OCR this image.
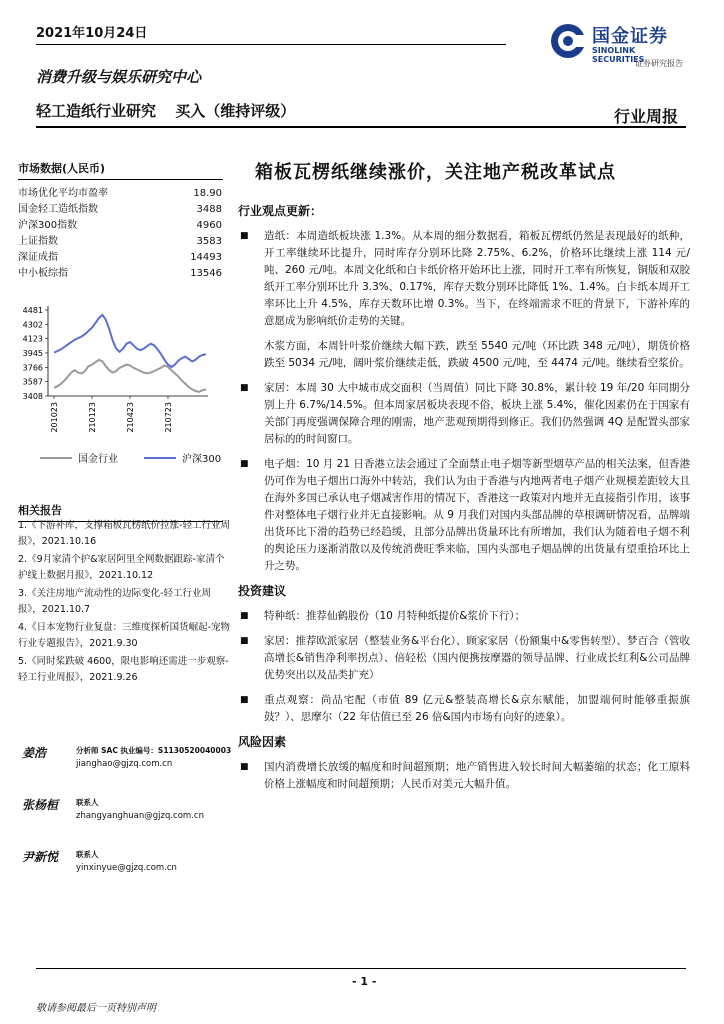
2021年10月24日	国金证券
SINOLINK SECURITIES
证券研究报告
消费升级与娱乐研究中心
轻工造纸行业研究 买入（维持评级）	行业周报
箱板瓦楞纸继续涨价，关注地产税改革试点
市场数据(人民币)
市场优化平均市盈率	18.90
国金轻工造纸指数	3488
沪深300指数	4960
上证指数	3583
深证成指	14493
中小板综指	13546
4481
4302
4123
3945
3766
3587
3408
201023	210123	210423	210723
国金行业	沪深300
相关报告
1.《下游补库，支撑箱板瓦楞纸价拉涨-轻工行业周报》，2021.10.16
2.《9月家清个护&家居阿里全网数据跟踪-家清个护线上数据月报》，2021.10.12
3.《关注房地产流动性的边际变化-轻工行业周报》，2021.10.7
4.《日本宠物行业复盘：三维度探析国货崛起-宠物行业专题报告》，2021.9.30
5.《同时桨跌破 4600，限电影响还需进一步观察-轻工行业周报》，2021.9.26
姜浩	分析师 SAC 执业编号：S1130520040003
jianghao@gjzq.com.cn
张杨桓 联系人
zhangyanghuan@gjzq.com.cn
尹新悦 联系人
yinxinyue@gjzq.com.cn
行业观点更新：
■ 造纸：本周造纸板块涨 1.3%。从本周的细分数据看，箱板瓦楞纸仍然是表现最好的纸种，开工率继续环比提升，同时库存分别环比降 2.75%、6.2%，价格环比继续上涨 114 元/吨、260 元/吨。本周文化纸和白卡纸价格开始环比上涨，同时开工率有所恢复，铜版和双胶纸开工率分别环比升 3.3%、0.17%，库存天数分别环比降低 1%、1.4%。白卡纸本周开工率环比上升 4.5%，库存天数环比增 0.3%。当下，在终端需求不旺的背景下，下游补库的意愿成为影响纸价走势的关键。
木浆方面，本周针叶浆价继续大幅下跌，跌至 5540 元/吨（环比跌 348 元/吨），期货价格跌至 5034 元/吨，阔叶浆价继续走低，跌破 4500 元/吨，至 4474 元/吨。继续看空浆价。
■ 家居：本周 30 大中城市成交面积（当周值）同比下降 30.8%，累计较 19 年/20 年同期分别上升 6.7%/14.5%。但本周家居板块表现不俗，板块上涨 5.4%，催化因素仍在于国家有关部门再度强调保障合理的刚需，地产悲观预期得到修正。我们仍然强调 4Q 是配置头部家居标的的时间窗口。
■ 电子烟：10 月 21 日香港立法会通过了全面禁止电子烟等新型烟草产品的相关法案，但香港仍可作为电子烟出口海外中转站，我们认为由于香港与内地两者电子烟产业规模差距较大且在海外多国已承认电子烟减害作用的情况下，香港这一政策对内地并无直接指引作用，该事件对整体电子烟行业并无直接影响。从 9 月我们对国内头部品牌的草根调研情况看，品牌端出货环比下滑的趋势已经趋缓，且部分品牌出货量环比有所增加，我们认为随着电子烟不利的舆论压力逐渐消散以及传统消费旺季来临，国内头部电子烟品牌的出货量有望重拾环比上升之势。
投资建议
■ 特种纸：推荐仙鹤股份（10 月特种纸提价&浆价下行）；
■ 家居：推荐欧派家居（整装业务&平台化）、顾家家居（份额集中&零售转型）、梦百合（管收高增长&销售净利率拐点）、倍轻松（国内便携按摩器的领导品牌、行业成长红利&公司品牌优势突出以及品类扩充）
■ 重点观察：尚品宅配（市值 89 亿元&整装高增长&京东赋能，加盟端何时能够重振旗鼓？）、思摩尔（22 年估值已至 26 倍&国内市场有向好的迹象）。
风险因素
■ 国内消费增长放缓的幅度和时间超预期；地产销售进入较长时间大幅萎缩的状态；化工原料价格上涨幅度和时间超预期；人民币对美元大幅升值。
- 1 -
敬请参阅最后一页特别声明
